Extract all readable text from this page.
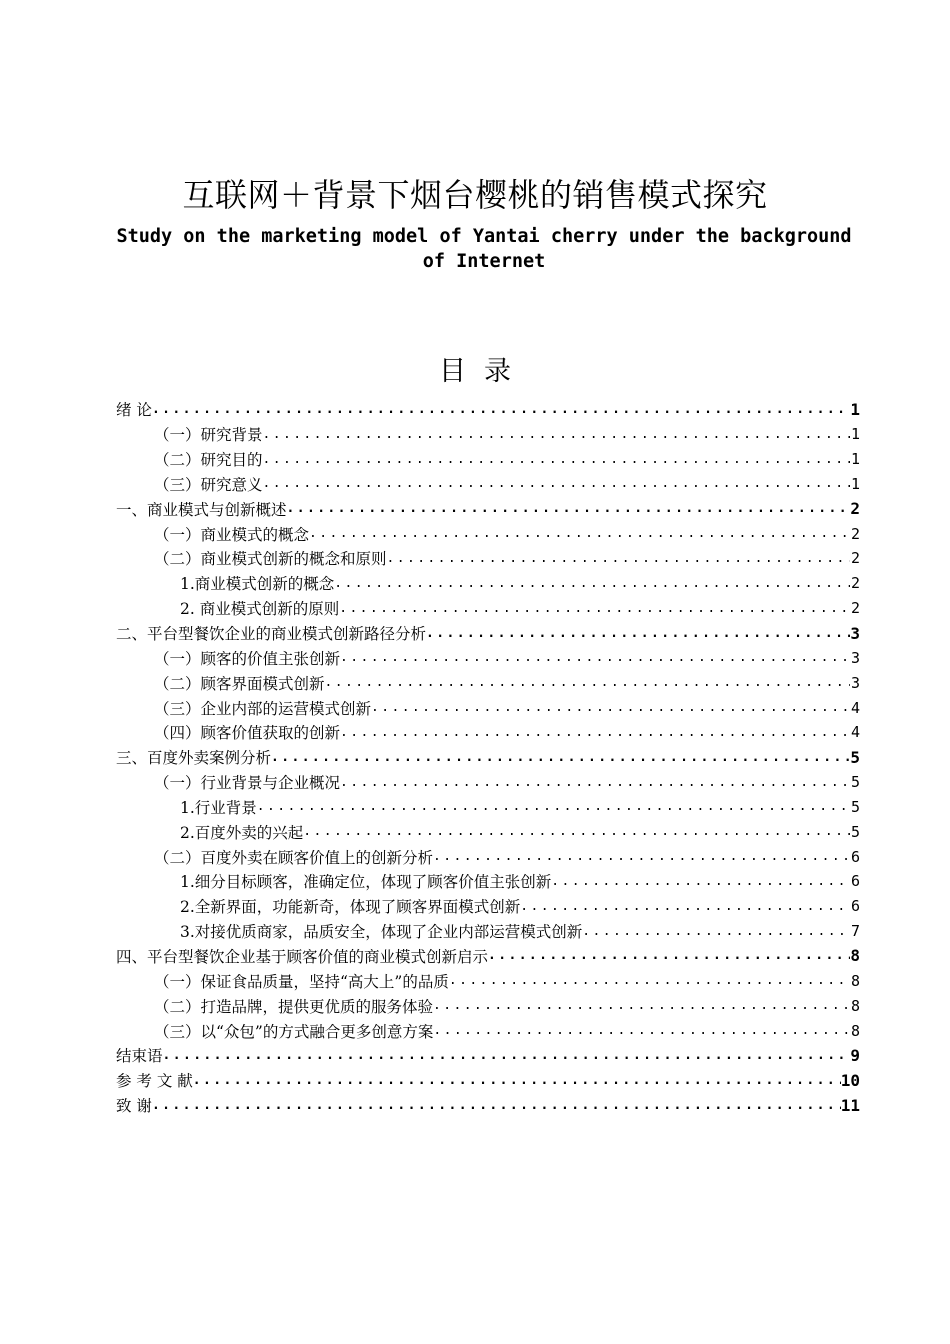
互联网＋背景下烟台樱桃的销售模式探究
Study on the marketing model of Yantai cherry under the background of Internet
目录
绪 论 .....	1
（一）研究背景 .....	1
（二）研究目的 .....	1
（三）研究意义 .....	1
一、商业模式与创新概述 .....	2
（一）商业模式的概念 .....	2
（二）商业模式创新的概念和原则 .....	2
1.商业模式创新的概念 .....	2
2. 商业模式创新的原则 .....	2
二、平台型餐饮企业的商业模式创新路径分析 .....	3
（一）顾客的价值主张创新 .....	3
（二）顾客界面模式创新 .....	3
（三）企业内部的运营模式创新 .....	4
（四）顾客价值获取的创新 .....	4
三、百度外卖案例分析 .....	5
（一）行业背景与企业概况 .....	5
1.行业背景 .....	5
2.百度外卖的兴起 .....	5
（二）百度外卖在顾客价值上的创新分析 .....	6
1.细分目标顾客，准确定位，体现了顾客价值主张创新 .....	6
2.全新界面，功能新奇，体现了顾客界面模式创新 .....	6
3.对接优质商家，品质安全，体现了企业内部运营模式创新 .....	7
四、平台型餐饮企业基于顾客价值的商业模式创新启示 .....	8
（一）保证食品质量，坚持“高大上”的品质 .....	8
（二）打造品牌，提供更优质的服务体验 .....	8
（三）以“众包”的方式融合更多创意方案 .....	8
结束语 .....	9
参 考 文 献 .....	10
致 谢 .....	11
